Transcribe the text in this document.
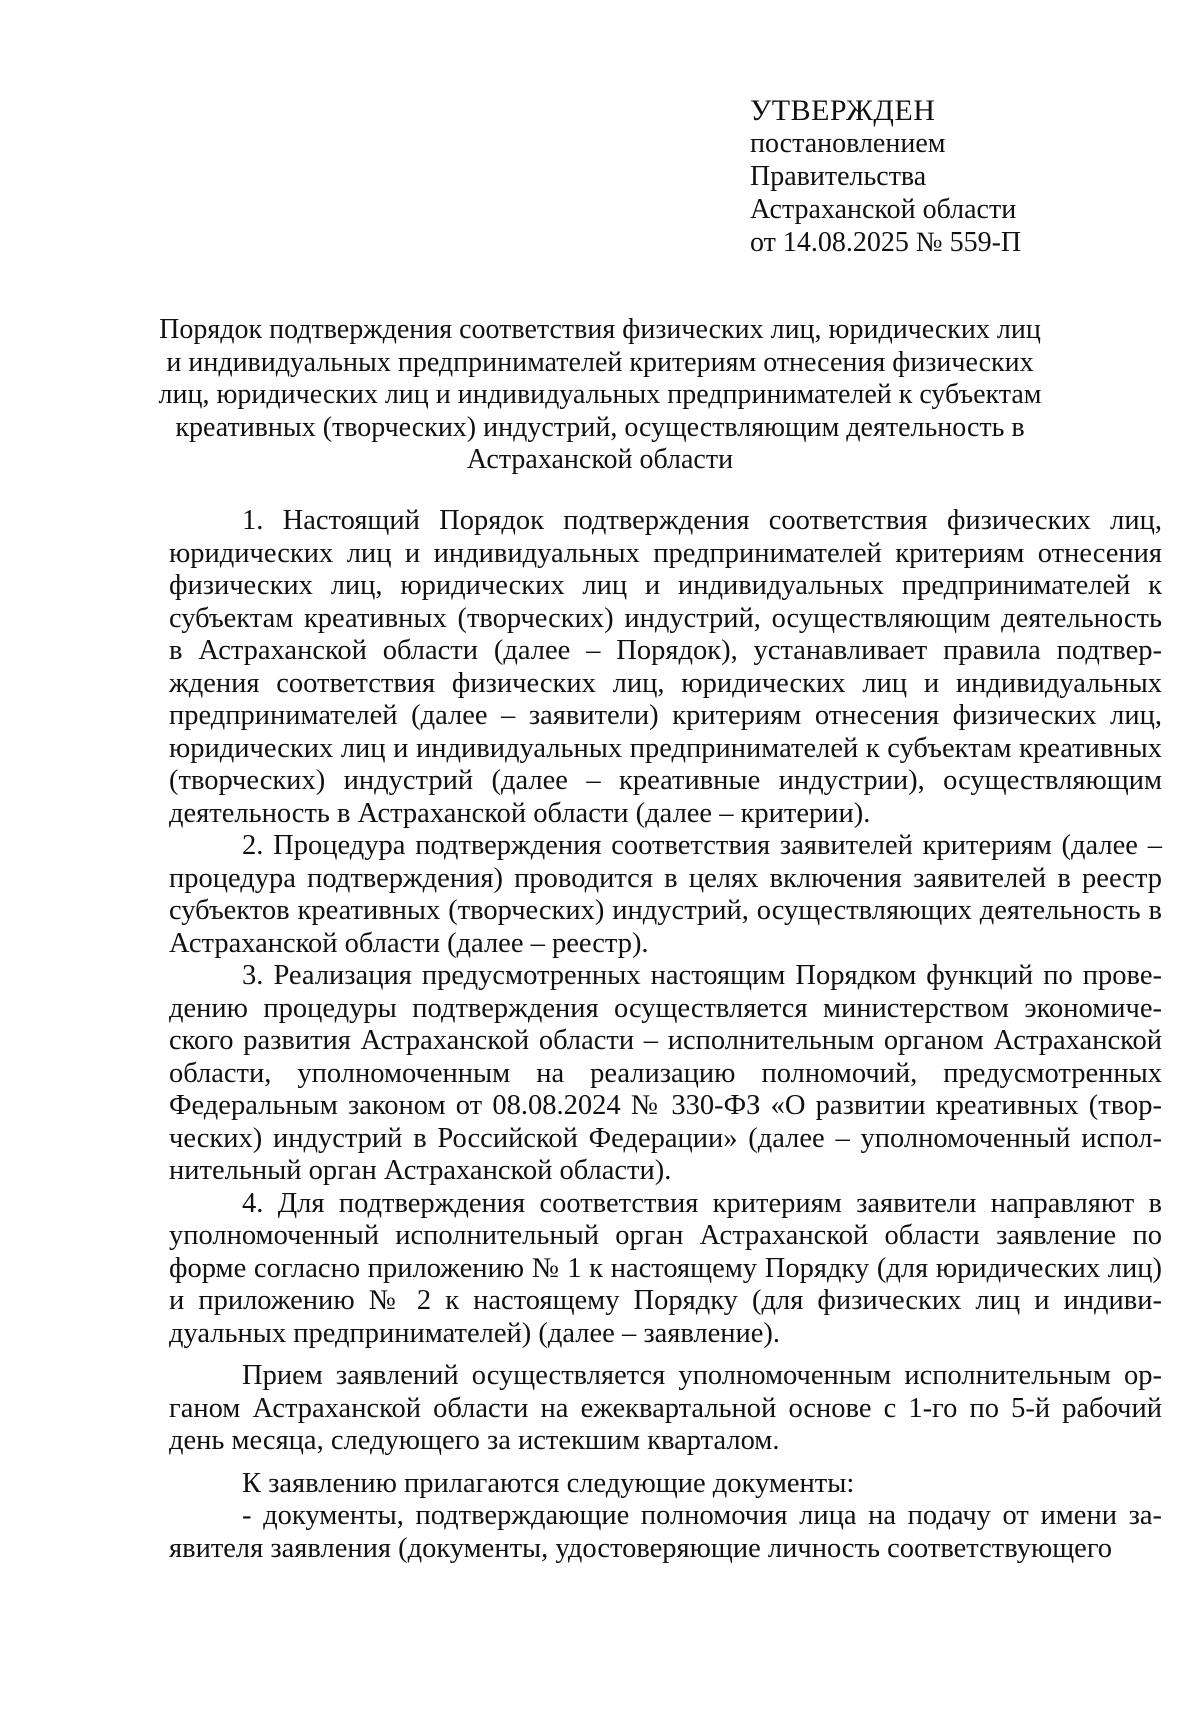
УТВЕРЖДЕН
постановлением
Правительства
Астраханской области
от 14.08.2025 № 559-П
Порядок подтверждения соответствия физических лиц, юридических лиц и индивидуальных предпринимателей критериям отнесения физических лиц, юридических лиц и индивидуальных предпринимателей к субъектам креативных (творческих) индустрий, осуществляющим деятельность в Астраханской области

1. Настоящий Порядок подтверждения соответствия физических лиц, юридических лиц и индивидуальных предпринимателей критериям отнесения физических лиц, юридических лиц и индивидуальных предпринимателей к субъектам креативных (творческих) индустрий, осуществляющим деятельность в Астраханской области (далее – Порядок), устанавливает правила подтверждения соответствия физических лиц, юридических лиц и индивидуальных предпринимателей (далее – заявители) критериям отнесения физических лиц, юридических лиц и индивидуальных предпринимателей к субъектам креативных (творческих) индустрий (далее – креативные индустрии), осуществляющим деятельность в Астраханской области (далее – критерии).

2. Процедура подтверждения соответствия заявителей критериям (далее – процедура подтверждения) проводится в целях включения заявителей в реестр субъектов креативных (творческих) индустрий, осуществляющих деятельность в Астраханской области (далее – реестр).

3. Реализация предусмотренных настоящим Порядком функций по проведению процедуры подтверждения осуществляется министерством экономического развития Астраханской области – исполнительным органом Астраханской области, уполномоченным на реализацию полномочий, предусмотренных Федеральным законом от 08.08.2024 № 330-ФЗ «О развитии креативных (творческих) индустрий в Российской Федерации» (далее – уполномоченный исполнительный орган Астраханской области).

4. Для подтверждения соответствия критериям заявители направляют в уполномоченный исполнительный орган Астраханской области заявление по форме согласно приложению № 1 к настоящему Порядку (для юридических лиц) и приложению № 2 к настоящему Порядку (для физических лиц и индивидуальных предпринимателей) (далее – заявление).

Прием заявлений осуществляется уполномоченным исполнительным органом Астраханской области на ежеквартальной основе с 1-го по 5-й рабочий день месяца, следующего за истекшим кварталом.

К заявлению прилагаются следующие документы:

- документы, подтверждающие полномочия лица на подачу от имени заявителя заявления (документы, удостоверяющие личность соответствующего
